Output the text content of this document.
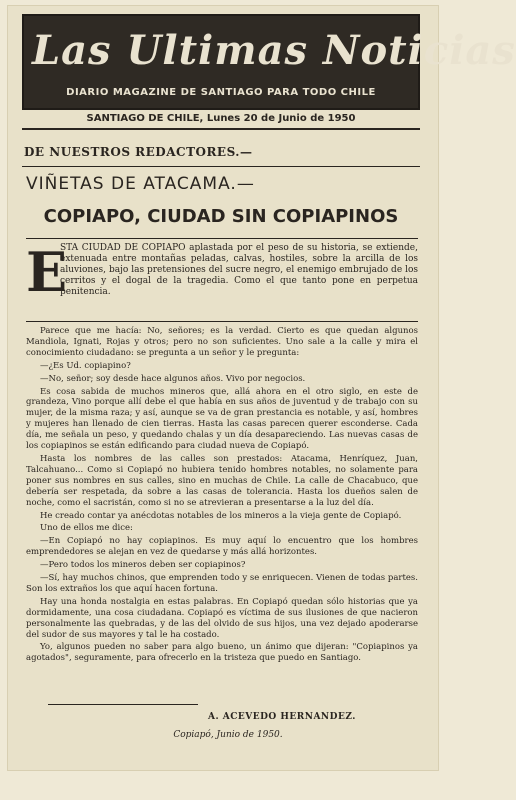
Las Ultimas Noticias
DIARIO MAGAZINE DE SANTIAGO PARA TODO CHILE
SANTIAGO DE CHILE, Lunes 20 de Junio de 1950
DE NUESTROS REDACTORES.—
VIÑETAS DE ATACAMA.—
COPIAPO, CIUDAD SIN COPIAPINOS
E
STA CIUDAD DE COPIAPO aplastada por el peso de su historia, se extiende, extenuada entre montañas peladas, calvas, hostiles, sobre la arcilla de los aluviones, bajo las pretensiones del sucre negro, el enemigo embrujado de los cerritos y el dogal de la tragedia. Como el que tanto pone en perpetua penitencia.

Parece que me hacía: No, señores; es la verdad. Cierto es que quedan algunos Mandiola, Ignati, Rojas y otros; pero no son suficientes. Uno sale a la calle y mira el conocimiento ciudadano: se pregunta a un señor y le pregunta:

—¿Es Ud. copiapino?

—No, señor; soy desde hace algunos años. Vivo por negocios.

Es cosa sabida de muchos mineros que, allá ahora en el otro siglo, en este de grandeza, Vino porque allí debe el que había en sus años de juventud y de trabajo con su mujer, de la misma raza; y así, aunque se va de gran prestancia es notable, y así, hombres y mujeres han llenado de cien tierras. Hasta las casas parecen querer esconderse. Cada día, me señala un peso, y quedando chalas y un día desapareciendo. Las nuevas casas de los copiapinos se están edificando para ciudad nueva de Copiapó.

Hasta los nombres de las calles son prestados: Atacama, Henríquez, Juan, Talcahuano... Como si Copiapó no hubiera tenido hombres notables, no solamente para poner sus nombres en sus calles, sino en muchas de Chile. La calle de Chacabuco, que debería ser respetada, da sobre a las casas de tolerancia. Hasta los dueños salen de noche, como el sacristán, como si no se atrevieran a presentarse a la luz del día.

He creado contar ya anécdotas notables de los mineros a la vieja gente de Copiapó.

Uno de ellos me dice:

—En Copiapó no hay copiapinos. Es muy aquí lo encuentro que los hombres emprendedores se alejan en vez de quedarse y más allá horizontes.

—Pero todos los mineros deben ser copiapinos?

—Sí, hay muchos chinos, que emprenden todo y se enriquecen. Vienen de todas partes. Son los extraños los que aquí hacen fortuna.

Hay una honda nostalgia en estas palabras. En Copiapó quedan sólo historias que ya dormidamente, una cosa ciudadana. Copiapó es víctima de sus ilusiones de que nacieron personalmente las quebradas, y de las del olvido de sus hijos, una vez dejado apoderarse del sudor de sus mayores y tal le ha costado.

Yo, algunos pueden no saber para algo bueno, un ánimo que dijeran: "Copiapinos ya agotados", seguramente, para ofrecerlo en la tristeza que puedo en Santiago.

A. ACEVEDO HERNANDEZ.
Copiapó, Junio de 1950.
